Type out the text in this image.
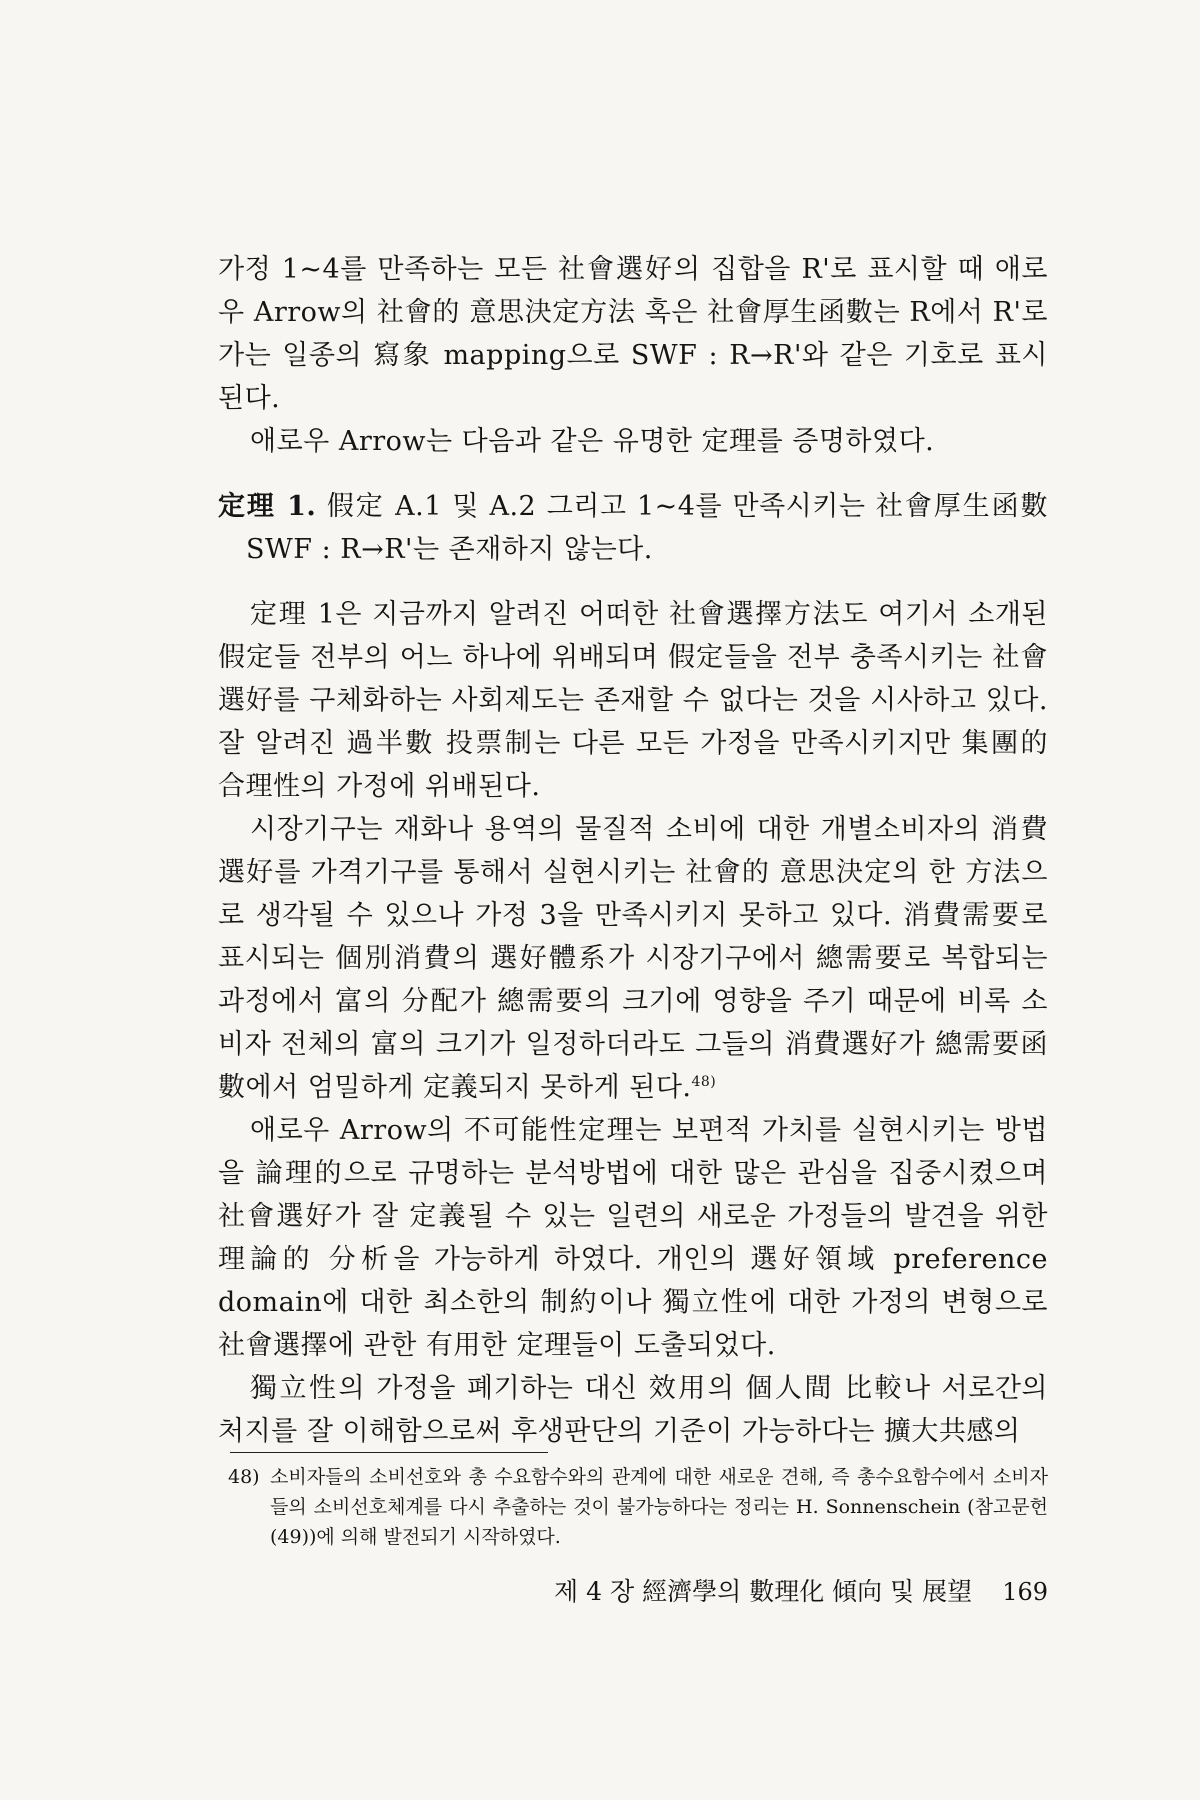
가정 1~4를 만족하는 모든 社會選好의 집합을 R'로 표시할 때 애로우 Arrow의 社會的 意思決定方法 혹은 社會厚生函數는 R에서 R'로 가는 일종의 寫象 mapping으로 SWF : R→R'와 같은 기호로 표시된다.

애로우 Arrow는 다음과 같은 유명한 定理를 증명하였다.

定理 1. 假定 A.1 및 A.2 그리고 1~4를 만족시키는 社會厚生函數 SWF : R→R'는 존재하지 않는다.

定理 1은 지금까지 알려진 어떠한 社會選擇方法도 여기서 소개된 假定들 전부의 어느 하나에 위배되며 假定들을 전부 충족시키는 社會選好를 구체화하는 사회제도는 존재할 수 없다는 것을 시사하고 있다. 잘 알려진 過半數 投票制는 다른 모든 가정을 만족시키지만 集團的 合理性의 가정에 위배된다.

시장기구는 재화나 용역의 물질적 소비에 대한 개별소비자의 消費選好를 가격기구를 통해서 실현시키는 社會的 意思決定의 한 方法으로 생각될 수 있으나 가정 3을 만족시키지 못하고 있다. 消費需要로 표시되는 個別消費의 選好體系가 시장기구에서 總需要로 복합되는 과정에서 富의 分配가 總需要의 크기에 영향을 주기 때문에 비록 소비자 전체의 富의 크기가 일정하더라도 그들의 消費選好가 總需要函數에서 엄밀하게 定義되지 못하게 된다.$^{48)}$

애로우 Arrow의 不可能性定理는 보편적 가치를 실현시키는 방법을 論理的으로 규명하는 분석방법에 대한 많은 관심을 집중시켰으며 社會選好가 잘 定義될 수 있는 일련의 새로운 가정들의 발견을 위한 理論的 分析을 가능하게 하였다. 개인의 選好領域 preference domain에 대한 최소한의 制約이나 獨立性에 대한 가정의 변형으로 社會選擇에 관한 有用한 定理들이 도출되었다.

獨立性의 가정을 폐기하는 대신 效用의 個人間 比較나 서로간의 처지를 잘 이해함으로써 후생판단의 기준이 가능하다는 擴大共感의

48) 소비자들의 소비선호와 총 수요함수와의 관계에 대한 새로운 견해, 즉 총수요함수에서 소비자들의 소비선호체계를 다시 추출하는 것이 불가능하다는 정리는 H. Sonnenschein (참고문헌 (49))에 의해 발전되기 시작하였다.

제 4 장 經濟學의 數理化 傾向 및 展望 169
